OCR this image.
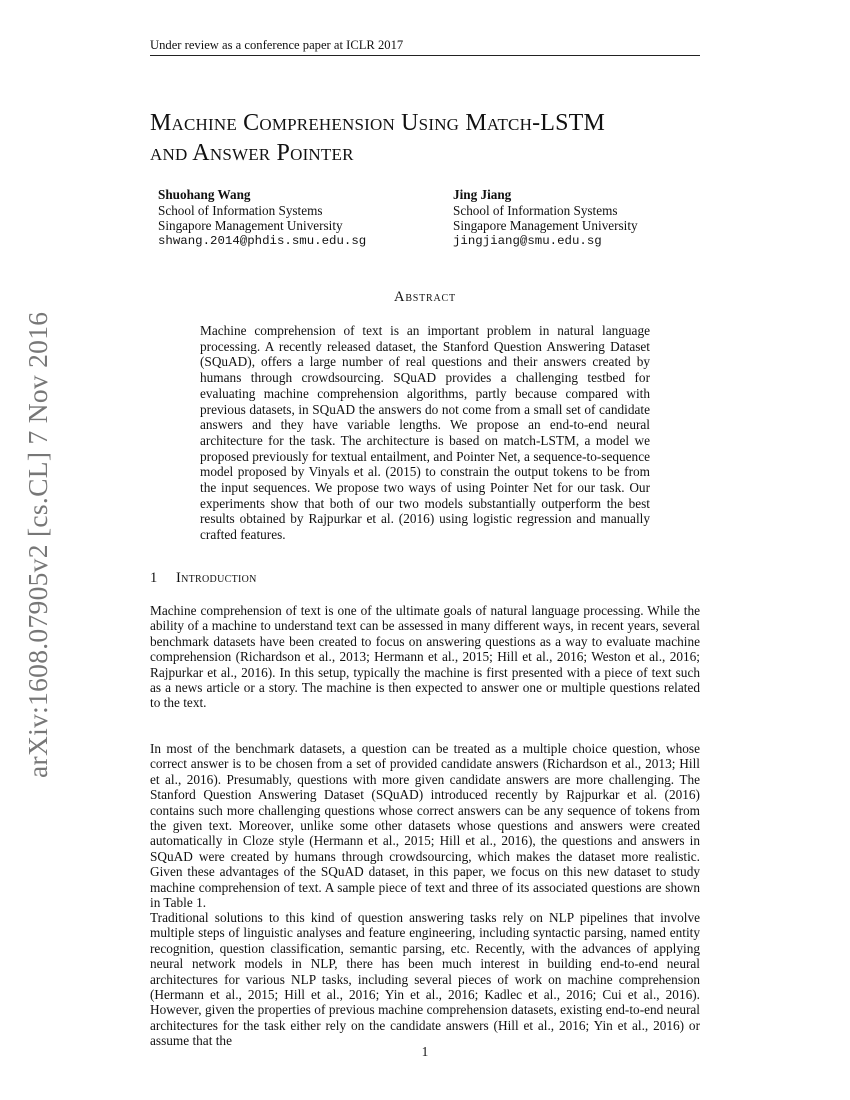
Under review as a conference paper at ICLR 2017
arXiv:1608.07905v2 [cs.CL] 7 Nov 2016
Machine Comprehension Using Match-LSTM
and Answer Pointer
Shuohang Wang
School of Information Systems
Singapore Management University
shwang.2014@phdis.smu.edu.sg
Jing Jiang
School of Information Systems
Singapore Management University
jingjiang@smu.edu.sg
Abstract
Machine comprehension of text is an important problem in natural language processing. A recently released dataset, the Stanford Question Answering Dataset (SQuAD), offers a large number of real questions and their answers created by humans through crowdsourcing. SQuAD provides a challenging testbed for evaluating machine comprehension algorithms, partly because compared with previous datasets, in SQuAD the answers do not come from a small set of candidate answers and they have variable lengths. We propose an end-to-end neural architecture for the task. The architecture is based on match-LSTM, a model we proposed previously for textual entailment, and Pointer Net, a sequence-to-sequence model proposed by Vinyals et al. (2015) to constrain the output tokens to be from the input sequences. We propose two ways of using Pointer Net for our task. Our experiments show that both of our two models substantially outperform the best results obtained by Rajpurkar et al. (2016) using logistic regression and manually crafted features.
1 Introduction

Machine comprehension of text is one of the ultimate goals of natural language processing. While the ability of a machine to understand text can be assessed in many different ways, in recent years, several benchmark datasets have been created to focus on answering questions as a way to evaluate machine comprehension (Richardson et al., 2013; Hermann et al., 2015; Hill et al., 2016; Weston et al., 2016; Rajpurkar et al., 2016). In this setup, typically the machine is first presented with a piece of text such as a news article or a story. The machine is then expected to answer one or multiple questions related to the text.

In most of the benchmark datasets, a question can be treated as a multiple choice question, whose correct answer is to be chosen from a set of provided candidate answers (Richardson et al., 2013; Hill et al., 2016). Presumably, questions with more given candidate answers are more challenging. The Stanford Question Answering Dataset (SQuAD) introduced recently by Rajpurkar et al. (2016) contains such more challenging questions whose correct answers can be any sequence of tokens from the given text. Moreover, unlike some other datasets whose questions and answers were created automatically in Cloze style (Hermann et al., 2015; Hill et al., 2016), the questions and answers in SQuAD were created by humans through crowdsourcing, which makes the dataset more realistic. Given these advantages of the SQuAD dataset, in this paper, we focus on this new dataset to study machine comprehension of text. A sample piece of text and three of its associated questions are shown in Table 1.

Traditional solutions to this kind of question answering tasks rely on NLP pipelines that involve multiple steps of linguistic analyses and feature engineering, including syntactic parsing, named entity recognition, question classification, semantic parsing, etc. Recently, with the advances of applying neural network models in NLP, there has been much interest in building end-to-end neural architectures for various NLP tasks, including several pieces of work on machine comprehension (Hermann et al., 2015; Hill et al., 2016; Yin et al., 2016; Kadlec et al., 2016; Cui et al., 2016). However, given the properties of previous machine comprehension datasets, existing end-to-end neural architectures for the task either rely on the candidate answers (Hill et al., 2016; Yin et al., 2016) or assume that the

1
